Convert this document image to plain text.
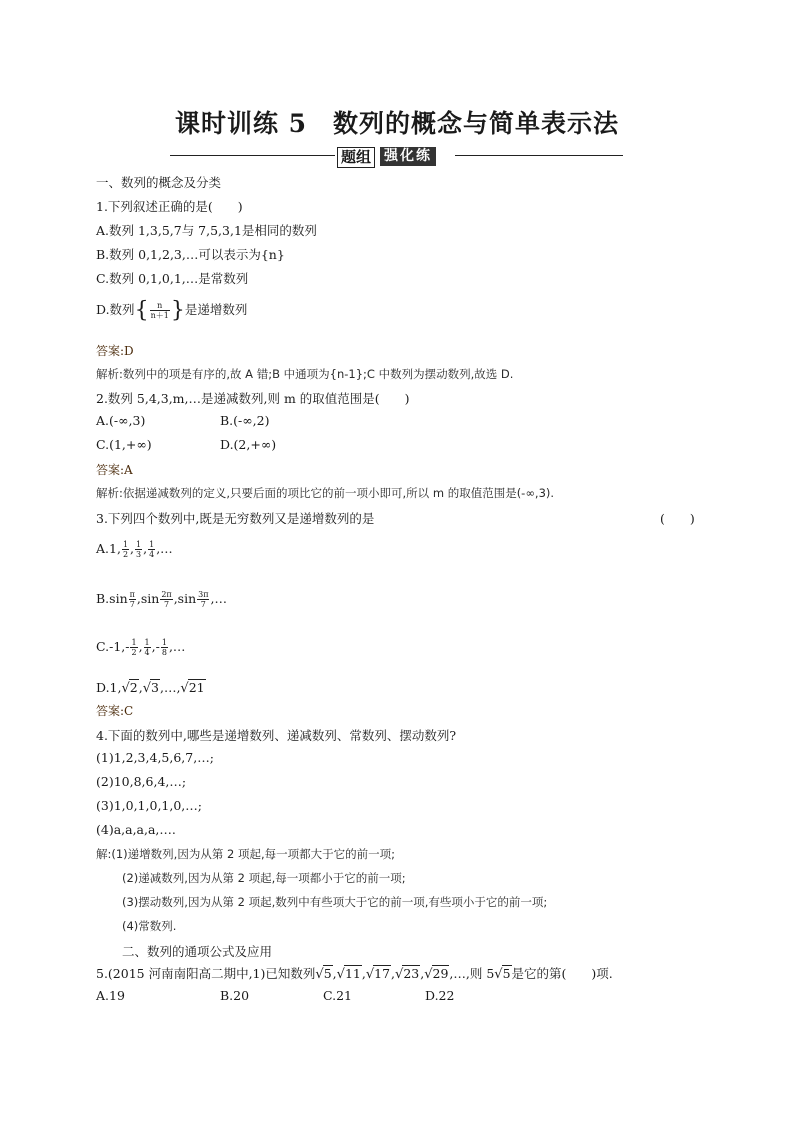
课时训练 5　数列的概念与简单表示法
题组 强化练
一、数列的概念及分类
1.下列叙述正确的是(　　)
A.数列 1,3,5,7与 7,5,3,1是相同的数列
B.数列 0,1,2,3,…可以表示为{n}
C.数列 0,1,0,1,…是常数列
D.数列{ $\frac{n}{n+1}$ }是递增数列
答案:D
解析:数列中的项是有序的,故 A 错;B 中通项为{n-1};C 中数列为摆动数列,故选 D.
2.数列 5,4,3,m,…是递减数列,则 m 的取值范围是(　　)
A.(-∞,3)	B.(-∞,2)
C.(1,+∞)	D.(2,+∞)
答案:A
解析:依据递减数列的定义,只要后面的项比它的前一项小即可,所以 m 的取值范围是(-∞,3).
3.下列四个数列中,既是无穷数列又是递增数列的是	(　　)
A.1, $\frac{1}{2}$ , $\frac{1}{3}$ , $\frac{1}{4}$ ,…
$B.\sin \frac{\pi}{7} ,\sin \frac{2\pi}{7} ,\sin \frac{3\pi}{7}$ ,…
$C.-1,- \frac{1}{2}$ , $\frac{1}{4}$ ,- $\frac{1}{8}$ ,…
D.1,√2,√3,…,√21
答案:C
4.下面的数列中,哪些是递增数列、递减数列、常数列、摆动数列?
(1)1,2,3,4,5,6,7,…;
(2)10,8,6,4,…;
(3)1,0,1,0,1,0,…;
(4)a,a,a,a,….
解:(1)递增数列,因为从第 2 项起,每一项都大于它的前一项;
(2)递减数列,因为从第 2 项起,每一项都小于它的前一项;
(3)摆动数列,因为从第 2 项起,数列中有些项大于它的前一项,有些项小于它的前一项;
(4)常数列.
二、数列的通项公式及应用
5.(2015 河南南阳高二期中,1)已知数列√5,√11,√17,√23,√29,…,则 5√5是它的第(　　)项.
A.19	B.20	C.21	D.22
